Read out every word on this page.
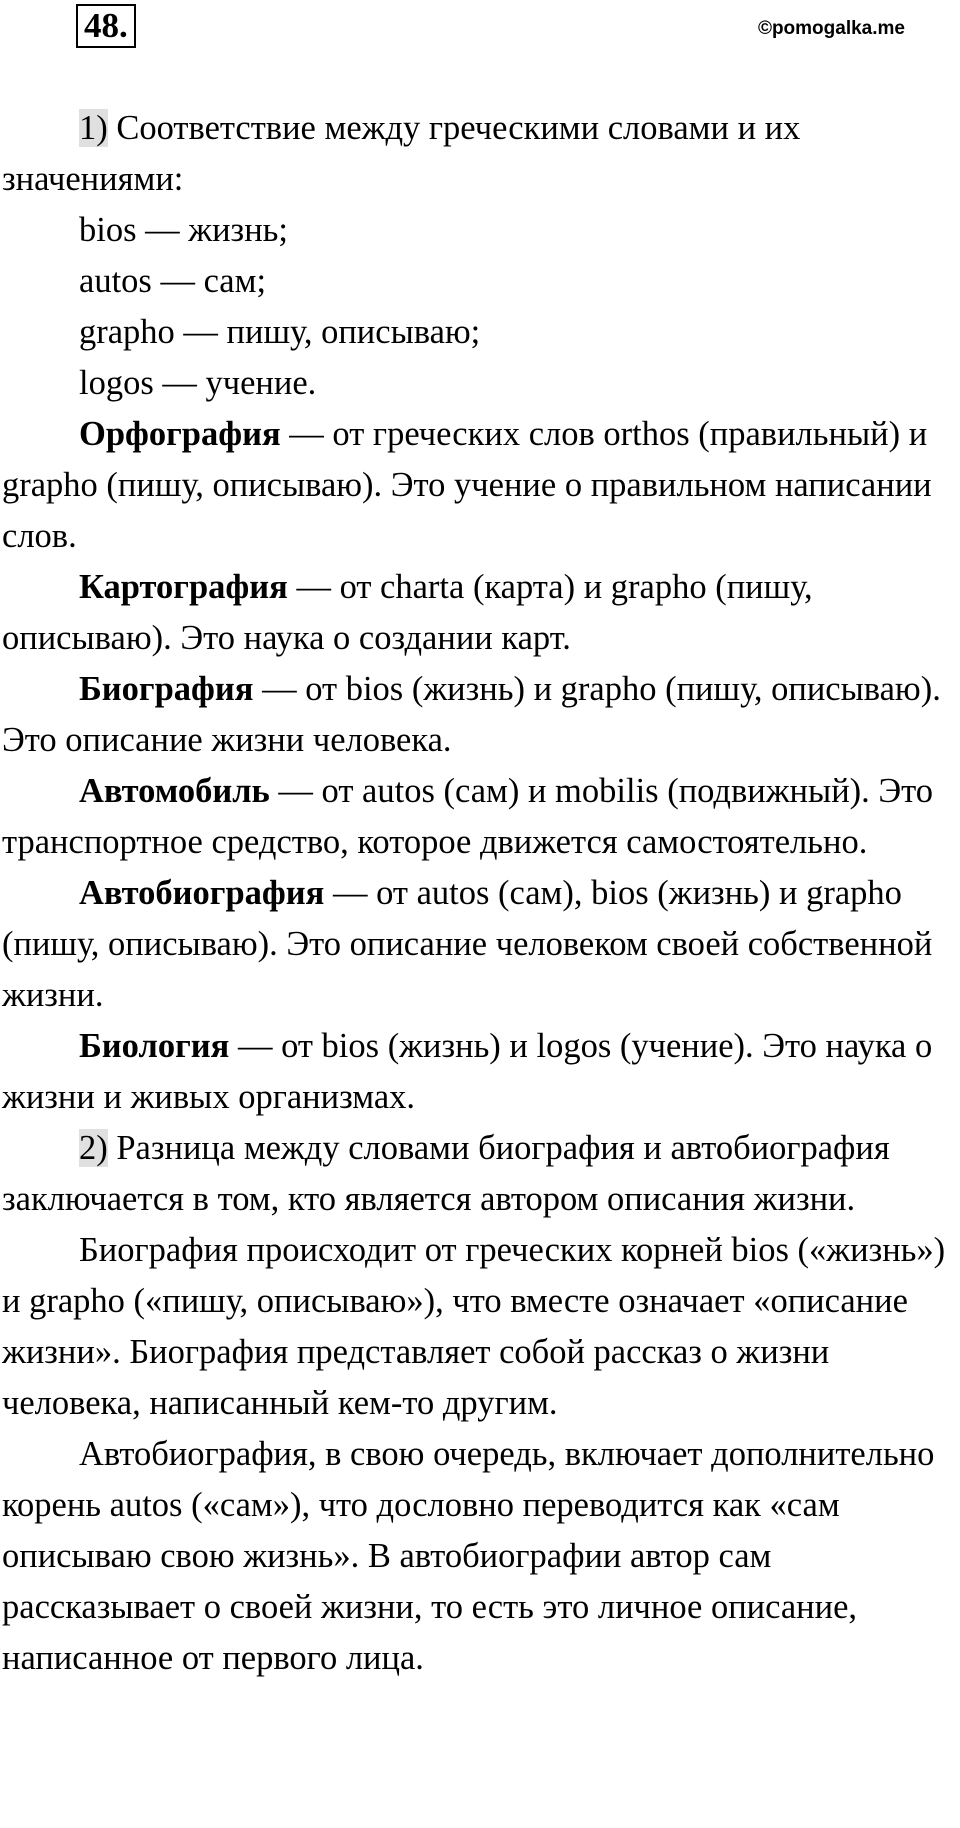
48.	©pomogalka.me

1) Соответствие между греческими словами и их значениями:

bios — жизнь;

autos — сам;

grapho — пишу, описываю;

logos — учение.

Орфография — от греческих слов orthos (правильный) и grapho (пишу, описываю). Это учение о правильном написании слов.

Картография — от charta (карта) и grapho (пишу, описываю). Это наука о создании карт.

Биография — от bios (жизнь) и grapho (пишу, описываю). Это описание жизни человека.

Автомобиль — от autos (сам) и mobilis (подвижный). Это транспортное средство, которое движется самостоятельно.

Автобиография — от autos (сам), bios (жизнь) и grapho (пишу, описываю). Это описание человеком своей собственной жизни.

Биология — от bios (жизнь) и logos (учение). Это наука о жизни и живых организмах.

2) Разница между словами биография и автобиография заключается в том, кто является автором описания жизни.

Биография происходит от греческих корней bios («жизнь») и grapho («пишу, описываю»), что вместе означает «описание жизни». Биография представляет собой рассказ о жизни человека, написанный кем-то другим.

Автобиография, в свою очередь, включает дополнительно корень autos («сам»), что дословно переводится как «сам описываю свою жизнь». В автобиографии автор сам рассказывает о своей жизни, то есть это личное описание, написанное от первого лица.
